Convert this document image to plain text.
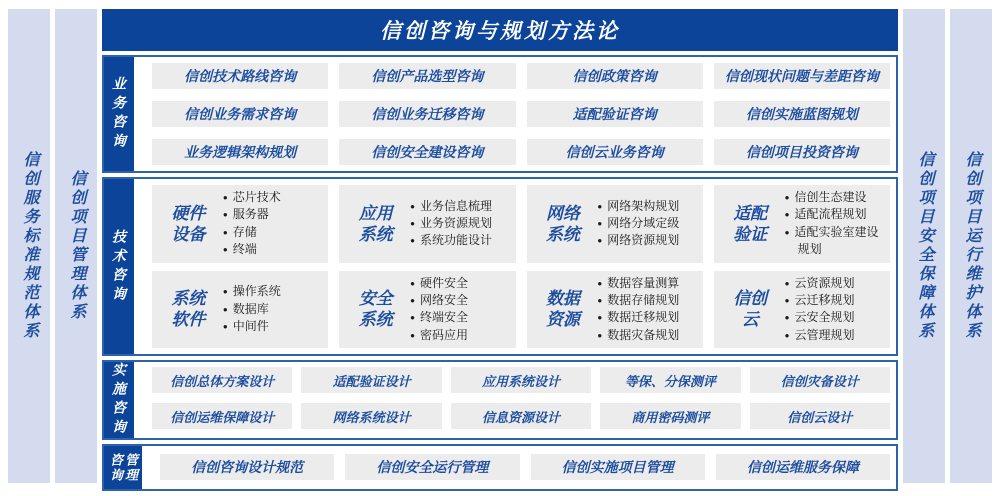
信创服务标准规范体系 信创项目管理体系
信创咨询与规划方法论
业务咨询	信创技术路线咨询	信创产品选型咨询	信创政策咨询	信创现状问题与差距咨询
信创业务需求咨询	信创业务迁移咨询	适配验证咨询	信创实施蓝图规划
业务逻辑架构规划	信创安全建设咨询	信创云业务咨询	信创项目投资咨询
技术咨询
硬件
设备
● 芯片技术
● 服务器
● 存储
● 终端
应用
系统
● 业务信息梳理
● 业务资源规划
● 系统功能设计
网络
系统
● 网络架构规划
● 网络分域定级
● 网络资源规划
适配
验证
● 信创生态建设
● 适配流程规划
● 适配实验室建设规划
系统
软件
● 操作系统
● 数据库
● 中间件
安全
系统
● 硬件安全
● 网络安全
● 终端安全
● 密码应用
数据
资源
● 数据容量测算
● 数据存储规划
● 数据迁移规划
● 数据灾备规划
信创
云
● 云资源规划
● 云迁移规划
● 云安全规划
● 云管理规划
实施咨询	信创总体方案设计	适配验证设计	应用系统设计	等保、分保测评	信创灾备设计
信创运维保障设计	网络系统设计	信息资源设计	商用密码测评	信创云设计
咨询 管理	信创咨询设计规范	信创安全运行管理	信创实施项目管理	信创运维服务保障
信创项目安全保障体系 信创项目运行维护体系
